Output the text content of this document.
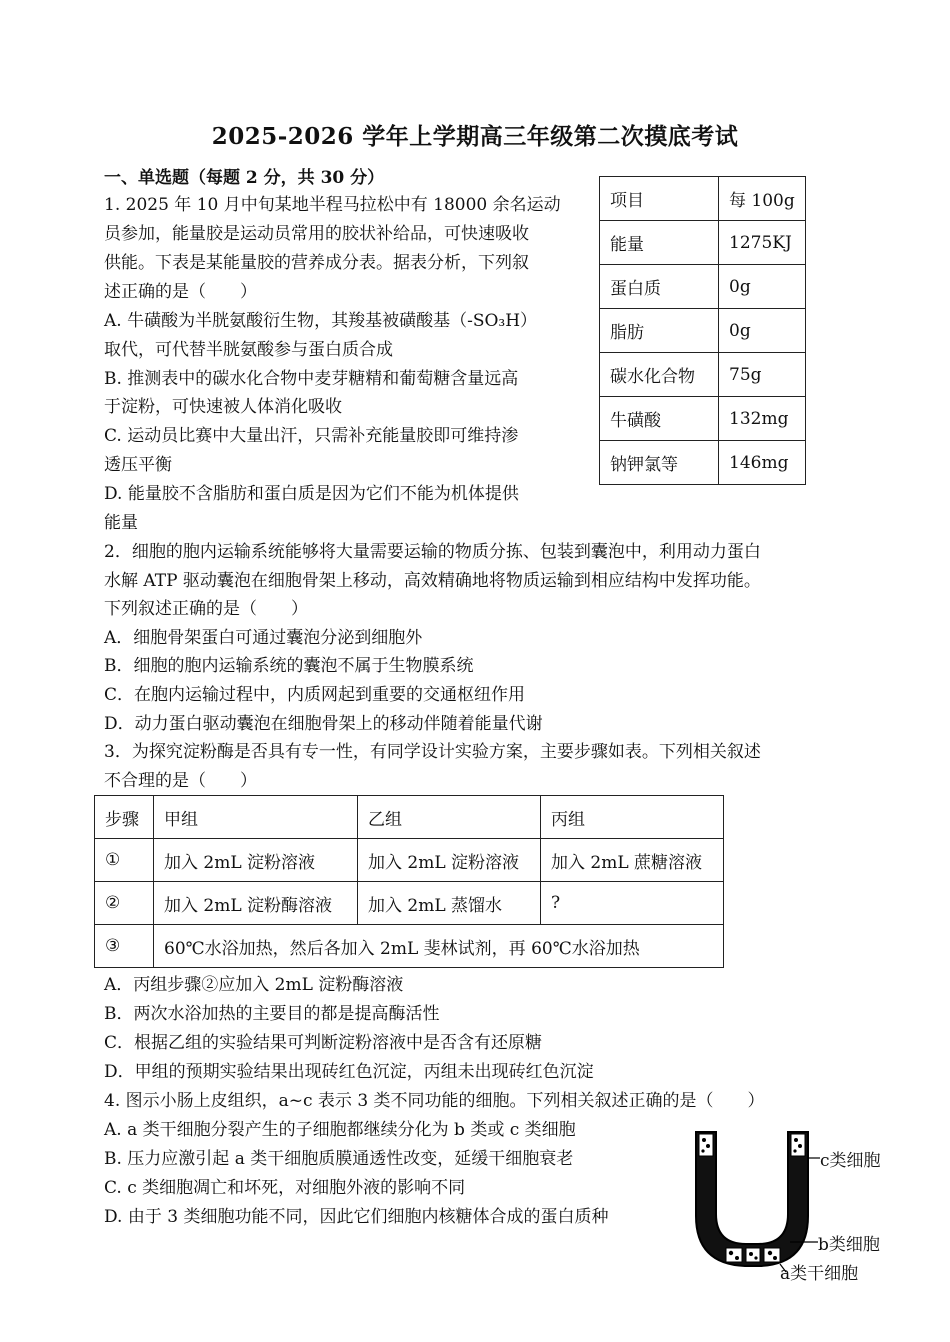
2025-2026 学年上学期高三年级第二次摸底考试
一、单选题（每题 2 分，共 30 分）
1. 2025 年 10 月中旬某地半程马拉松中有 18000 余名运动
员参加，能量胶是运动员常用的胶状补给品，可快速吸收
供能。下表是某能量胶的营养成分表。据表分析，下列叙
述正确的是（　　）
A. 牛磺酸为半胱氨酸衍生物，其羧基被磺酸基（-SO₃H）
取代，可代替半胱氨酸参与蛋白质合成
B. 推测表中的碳水化合物中麦芽糖精和葡萄糖含量远高
于淀粉，可快速被人体消化吸收
C. 运动员比赛中大量出汗，只需补充能量胶即可维持渗
透压平衡
D. 能量胶不含脂肪和蛋白质是因为它们不能为机体提供
能量
项目	每 100g
能量	1275KJ
蛋白质	0g
脂肪	0g
碳水化合物	75g
牛磺酸	132mg
钠钾氯等	146mg
2．细胞的胞内运输系统能够将大量需要运输的物质分拣、包装到囊泡中，利用动力蛋白
水解 ATP 驱动囊泡在细胞骨架上移动，高效精确地将物质运输到相应结构中发挥功能。
下列叙述正确的是（　　）
A．细胞骨架蛋白可通过囊泡分泌到细胞外
B．细胞的胞内运输系统的囊泡不属于生物膜系统
C．在胞内运输过程中，内质网起到重要的交通枢纽作用
D．动力蛋白驱动囊泡在细胞骨架上的移动伴随着能量代谢
3．为探究淀粉酶是否具有专一性，有同学设计实验方案，主要步骤如表。下列相关叙述
不合理的是（　　）
步骤	甲组	乙组	丙组
①	加入 2mL 淀粉溶液	加入 2mL 淀粉溶液	加入 2mL 蔗糖溶液
②	加入 2mL 淀粉酶溶液	加入 2mL 蒸馏水	?
③	60℃水浴加热，然后各加入 2mL 斐林试剂，再 60℃水浴加热		
A．丙组步骤②应加入 2mL 淀粉酶溶液
B．两次水浴加热的主要目的都是提高酶活性
C．根据乙组的实验结果可判断淀粉溶液中是否含有还原糖
D．甲组的预期实验结果出现砖红色沉淀，丙组未出现砖红色沉淀
4. 图示小肠上皮组织，a~c 表示 3 类不同功能的细胞。下列相关叙述正确的是（　　）
A. a 类干细胞分裂产生的子细胞都继续分化为 b 类或 c 类细胞
B. 压力应激引起 a 类干细胞质膜通透性改变，延缓干细胞衰老
C. c 类细胞凋亡和坏死，对细胞外液的影响不同
D. 由于 3 类细胞功能不同，因此它们细胞内核糖体合成的蛋白质种
c类细胞
b类细胞
a类干细胞
